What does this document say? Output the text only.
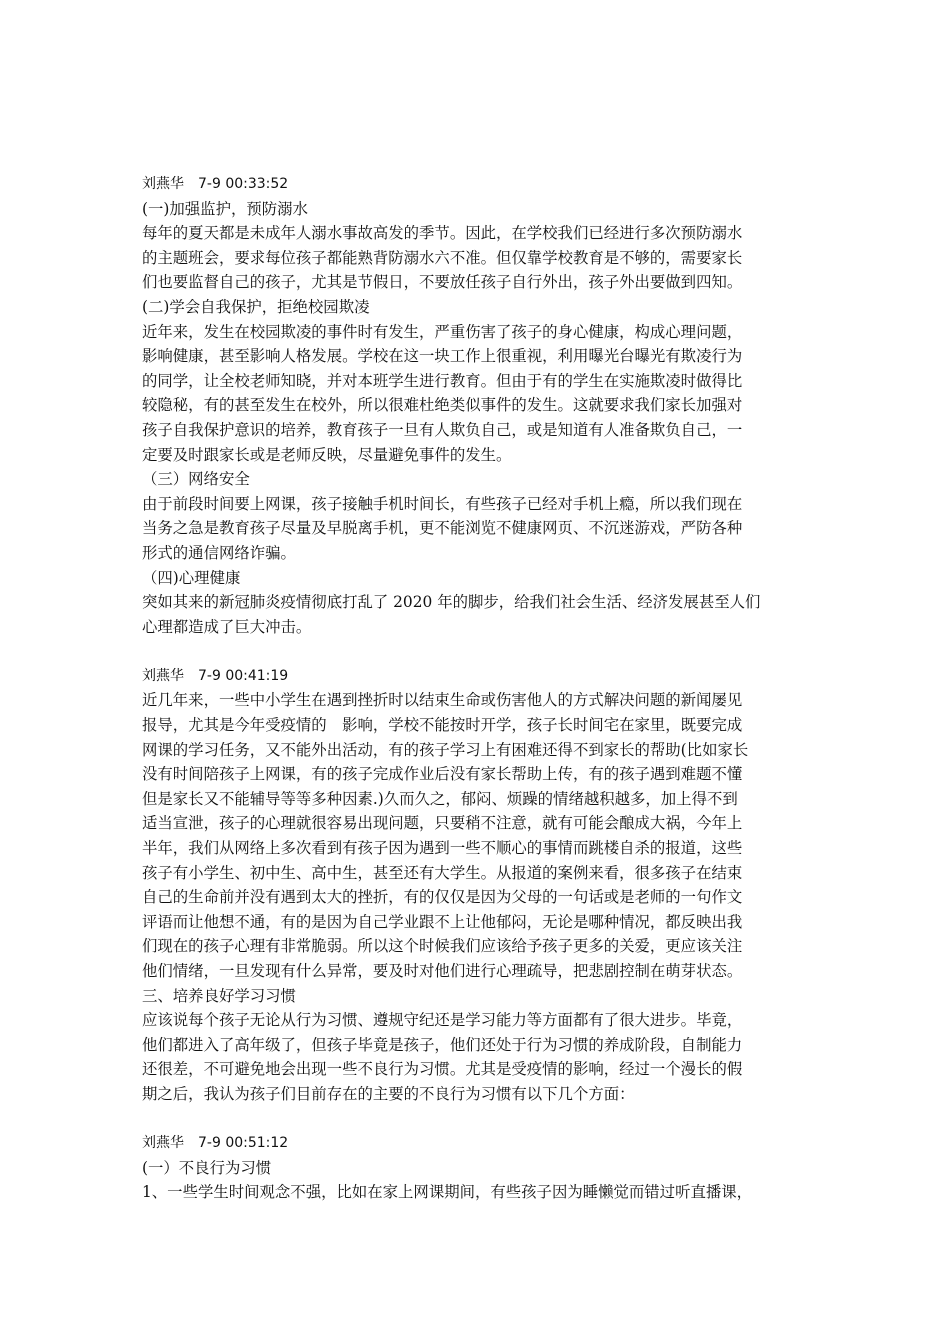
刘燕华 7-9 00:33:52
(一)加强监护，预防溺水
每年的夏天都是未成年人溺水事故高发的季节。因此，在学校我们已经进行多次预防溺水
的主题班会，要求每位孩子都能熟背防溺水六不准。但仅靠学校教育是不够的，需要家长
们也要监督自己的孩子，尤其是节假日，不要放任孩子自行外出，孩子外出要做到四知。
(二)学会自我保护，拒绝校园欺凌
近年来，发生在校园欺凌的事件时有发生，严重伤害了孩子的身心健康，构成心理问题，
影响健康，甚至影响人格发展。学校在这一块工作上很重视，利用曝光台曝光有欺凌行为
的同学，让全校老师知晓，并对本班学生进行教育。但由于有的学生在实施欺凌时做得比
较隐秘，有的甚至发生在校外，所以很难杜绝类似事件的发生。这就要求我们家长加强对
孩子自我保护意识的培养，教育孩子一旦有人欺负自己，或是知道有人准备欺负自己，一
定要及时跟家长或是老师反映，尽量避免事件的发生。
（三）网络安全
由于前段时间要上网课，孩子接触手机时间长，有些孩子已经对手机上瘾，所以我们现在
当务之急是教育孩子尽量及早脱离手机，更不能浏览不健康网页、不沉迷游戏，严防各种
形式的通信网络诈骗。
（四)心理健康
突如其来的新冠肺炎疫情彻底打乱了 2020 年的脚步，给我们社会生活、经济发展甚至人们
心理都造成了巨大冲击。
刘燕华 7-9 00:41:19
近几年来，一些中小学生在遇到挫折时以结束生命或伤害他人的方式解决问题的新闻屡见
报导，尤其是今年受疫情的　影响，学校不能按时开学，孩子长时间宅在家里，既要完成
网课的学习任务，又不能外出活动，有的孩子学习上有困难还得不到家长的帮助(比如家长
没有时间陪孩子上网课，有的孩子完成作业后没有家长帮助上传，有的孩子遇到难题不懂
但是家长又不能辅导等等多种因素.)久而久之，郁闷、烦躁的情绪越积越多，加上得不到
适当宣泄，孩子的心理就很容易出现问题，只要稍不注意，就有可能会酿成大祸，今年上
半年，我们从网络上多次看到有孩子因为遇到一些不顺心的事情而跳楼自杀的报道，这些
孩子有小学生、初中生、高中生，甚至还有大学生。从报道的案例来看，很多孩子在结束
自己的生命前并没有遇到太大的挫折，有的仅仅是因为父母的一句话或是老师的一句作文
评语而让他想不通，有的是因为自己学业跟不上让他郁闷，无论是哪种情况，都反映出我
们现在的孩子心理有非常脆弱。所以这个时候我们应该给予孩子更多的关爱，更应该关注
他们情绪，一旦发现有什么异常，要及时对他们进行心理疏导，把悲剧控制在萌芽状态。
三、培养良好学习习惯
应该说每个孩子无论从行为习惯、遵规守纪还是学习能力等方面都有了很大进步。毕竟，
他们都进入了高年级了，但孩子毕竟是孩子，他们还处于行为习惯的养成阶段，自制能力
还很差，不可避免地会出现一些不良行为习惯。尤其是受疫情的影响，经过一个漫长的假
期之后，我认为孩子们目前存在的主要的不良行为习惯有以下几个方面：
刘燕华 7-9 00:51:12
(一）不良行为习惯
1、一些学生时间观念不强，比如在家上网课期间，有些孩子因为睡懒觉而错过听直播课，
